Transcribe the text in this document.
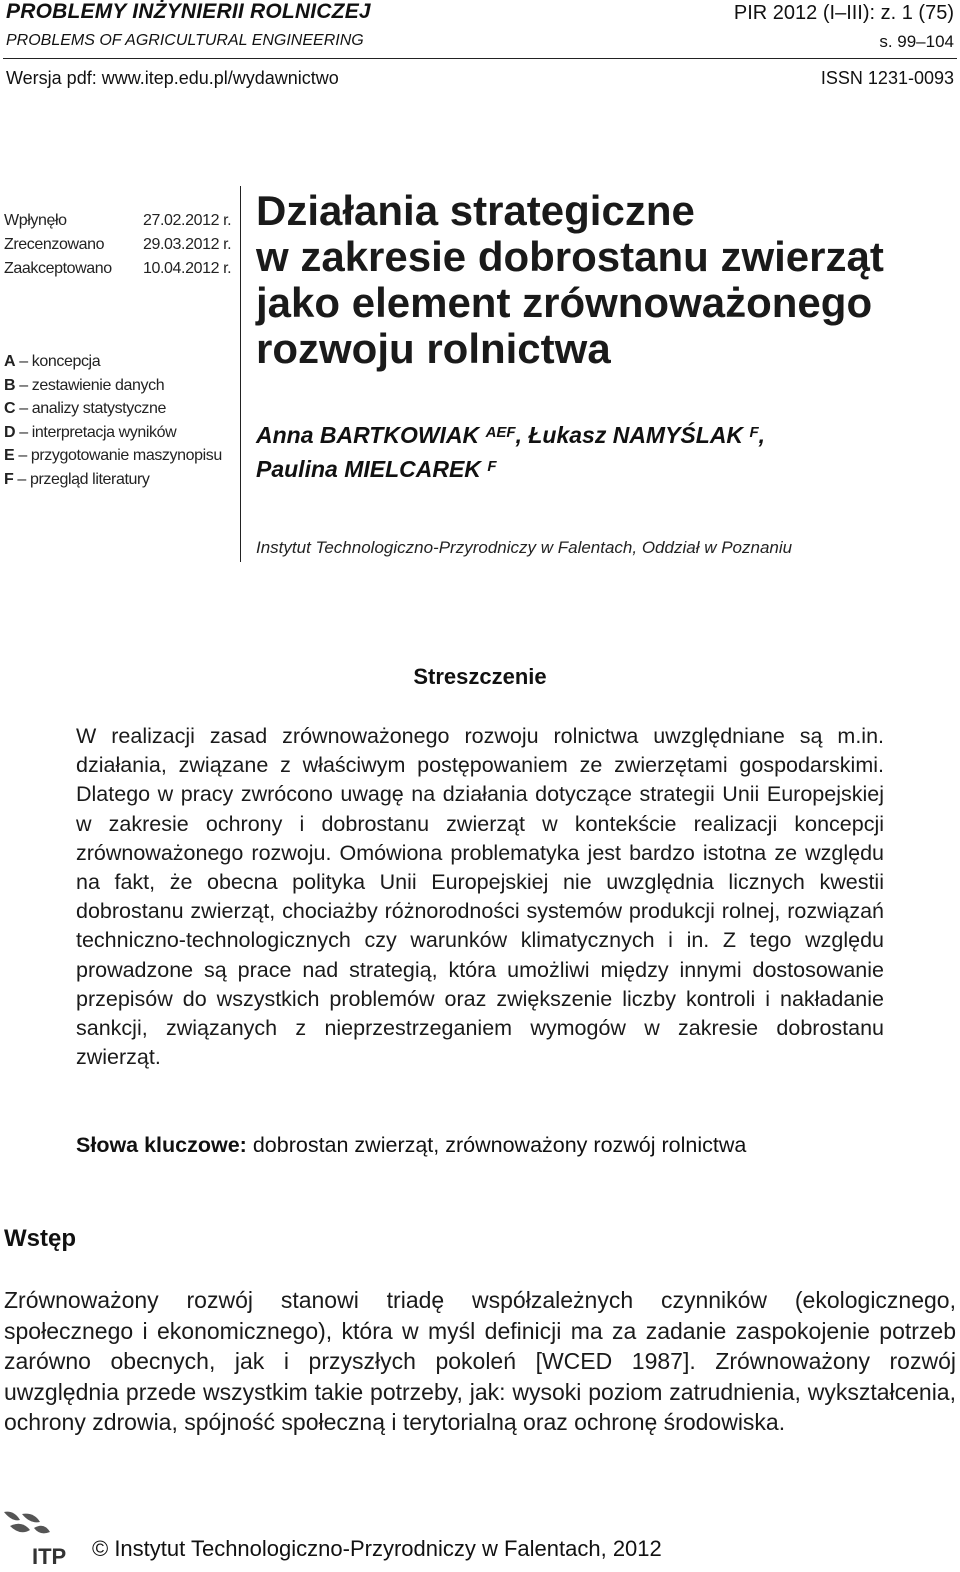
PROBLEMY INŻYNIERII ROLNICZEJ
PROBLEMS OF AGRICULTURAL ENGINEERING
PIR 2012 (I–III): z. 1 (75)
s. 99–104
Wersja pdf: www.itep.edu.pl/wydawnictwo	ISSN 1231-0093
Wpłynęło	27.02.2012 r.
Zrecenzowano 29.03.2012 r.
Zaakceptowano 10.04.2012 r.
A – koncepcja
B – zestawienie danych
C – analizy statystyczne
D – interpretacja wyników
E – przygotowanie maszynopisu
F – przegląd literatury
Działania strategiczne
w zakresie dobrostanu zwierząt
jako element zrównoważonego
rozwoju rolnictwa
Anna BARTKOWIAK $^{AEF}$, Łukasz NAMYŚLAK $^F$,
Paulina MIELCAREK $^F$
Instytut Technologiczno-Przyrodniczy w Falentach, Oddział w Poznaniu
Streszczenie
W realizacji zasad zrównoważonego rozwoju rolnictwa uwzględniane są m.in. działania, związane z właściwym postępowaniem ze zwierzętami gospodarskimi. Dlatego w pracy zwrócono uwagę na działania dotyczące strategii Unii Europejskiej w zakresie ochrony i dobrostanu zwierząt w kontekście realizacji koncepcji zrównoważonego rozwoju. Omówiona problematyka jest bardzo istotna ze względu na fakt, że obecna polityka Unii Europejskiej nie uwzględnia licznych kwestii dobrostanu zwierząt, chociażby różnorodności systemów produkcji rolnej, rozwiązań techniczno-technologicznych czy warunków klimatycznych i in. Z tego względu prowadzone są prace nad strategią, która umożliwi między innymi dostosowanie przepisów do wszystkich problemów oraz zwiększenie liczby kontroli i nakładanie sankcji, związanych z nieprzestrzeganiem wymogów w zakresie dobrostanu zwierząt.
Słowa kluczowe: dobrostan zwierząt, zrównoważony rozwój rolnictwa
Wstęp
Zrównoważony rozwój stanowi triadę współzależnych czynników (ekologicznego, społecznego i ekonomicznego), która w myśl definicji ma za zadanie zaspokojenie potrzeb zarówno obecnych, jak i przyszłych pokoleń [WCED 1987]. Zrównoważony rozwój uwzględnia przede wszystkim takie potrzeby, jak: wysoki poziom zatrudnienia, wykształcenia, ochrony zdrowia, spójność społeczną i terytorialną oraz ochronę środowiska.
ITP © Instytut Technologiczno-Przyrodniczy w Falentach, 2012
